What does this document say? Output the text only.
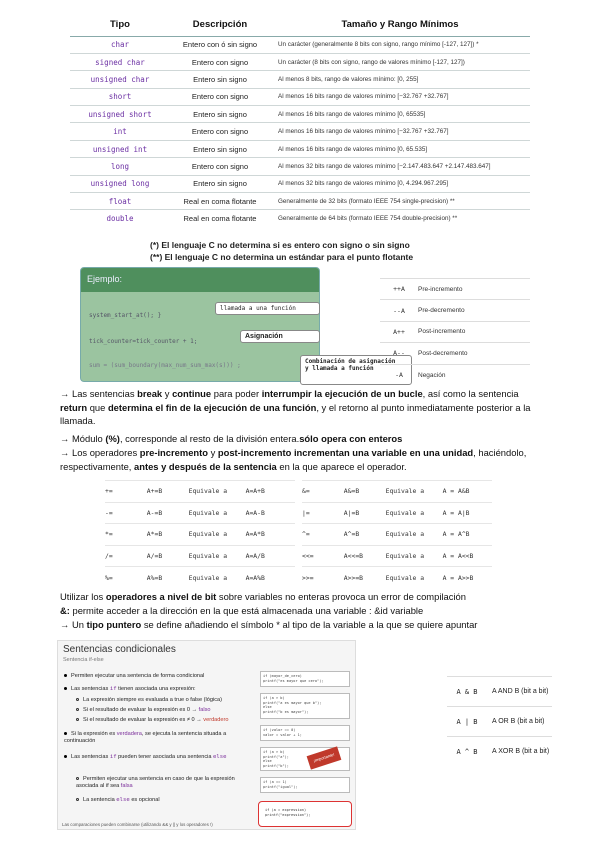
Tipo	Descripción	Tamaño y Rango Mínimos
char	Entero con ó sin signo	Un carácter (generalmente 8 bits con signo, rango mínimo [-127, 127]) *
signed char	Entero con signo	Un carácter (8 bits con signo, rango de valores mínimo [-127, 127])
unsigned char	Entero sin signo	Al menos 8 bits, rango de valores mínimo: [0, 255]
short	Entero con signo	Al menos 16 bits rango de valores mínimo [−32.767 +32.767]
unsigned short	Entero sin signo	Al menos 16 bits rango de valores mínimo [0, 65535]
int	Entero con signo	Al menos 16 bits rango de valores mínimo [−32.767 +32.767]
unsigned int	Entero sin signo	Al menos 16 bits rango de valores mínimo [0, 65.535]
long	Entero con signo	Al menos 32 bits rango de valores mínimo [−2.147.483.647 +2.147.483.647]
unsigned long	Entero sin signo	Al menos 32 bits rango de valores mínimo [0, 4.294.967.295]
float	Real en coma flotante	Generalmente de 32 bits (formato IEEE 754 single-precision) **
double	Real en coma flotante	Generalmente de 64 bits (formato IEEE 754 double-precision) **
(*) El lenguaje C no determina si es entero con signo o sin signo
(**) El lenguaje C no determina un estándar para el punto flotante
Ejemplo:
system_start_at(); }
tick_counter=tick_counter + 1;
sum = (sum_boundary(max_num_sum_max(s))) ;
llamada a una función
Asignación
Combinación de asignación
y llamada a función
++A	Pre-incremento
--A	Pre-decremento
A++	Post-incremento
A--	Post-decremento
-A	Negación
→ Las sentencias break y continue para poder interrumpir la ejecución de un bucle, así como la sentencia return que determina el fin de la ejecución de una función, y el retorno al punto inmediatamente posterior a la llamada.
→ Módulo (%), corresponde al resto de la división entera.sólo opera con enteros
→ Los operadores pre-incremento y post-incremento incrementan una variable en una unidad, haciéndolo, respectivamente, antes y después de la sentencia en la que aparece el operador.
+=	A+=B	Equivale a	A=A+B
-=	A-=B	Equivale a	A=A-B
*=	A*=B	Equivale a	A=A*B
/=	A/=B	Equivale a	A=A/B
%=	A%=B	Equivale a	A=A%B
&=	A&=B	Equivale a	A = A&B
|=	A|=B	Equivale a	A = A|B
^=	A^=B	Equivale a	A = A^B
<<=	A<<=B	Equivale a	A = A<<B
>>=	A>>=B	Equivale a	A = A>>B
Utilizar los operadores a nivel de bit sobre variables no enteras provoca un error de compilación
&: permite acceder a la dirección en la que está almacenada una variable : &id variable
→ Un tipo puntero se define añadiendo el símbolo * al tipo de la variable a la que se quiere apuntar
Sentencias condicionales
Sentencia if-else
Permiten ejecutar una sentencia de forma condicional
Las sentencias if tienen asociada una expresión:
La expresión siempre es evaluada a true o false (lógica)
Si el resultado de evaluar la expresión es 0 → falso
Si el resultado de evaluar la expresión es ≠ 0 → verdadero
Si la expresión es verdadera, se ejecuta la sentencia situada a continuación
Las sentencias if pueden tener asociada una sentencia else
Permiten ejecutar una sentencia en caso de que la expresión asociada al if sea falsa
La sentencia else es opcional
Las comparaciones pueden combinarse (utilizando && y || y los operadores !)
if (mayor_de_cero)
printf("es mayor que cero");
if (a > b)
printf("a es mayor que b");
else
printf("b es mayor");
if (valor == 0)
valor = valor + 1;
if (a > b)
printf("a");
else
printf("b");
if (a == 1)
printf("igual");
¡Importante!
if (a = expression)
printf("expression");
A & B	A AND B (bit a bit)
A | B	A OR B (bit a bit)
A ^ B	A XOR B (bit a bit)
